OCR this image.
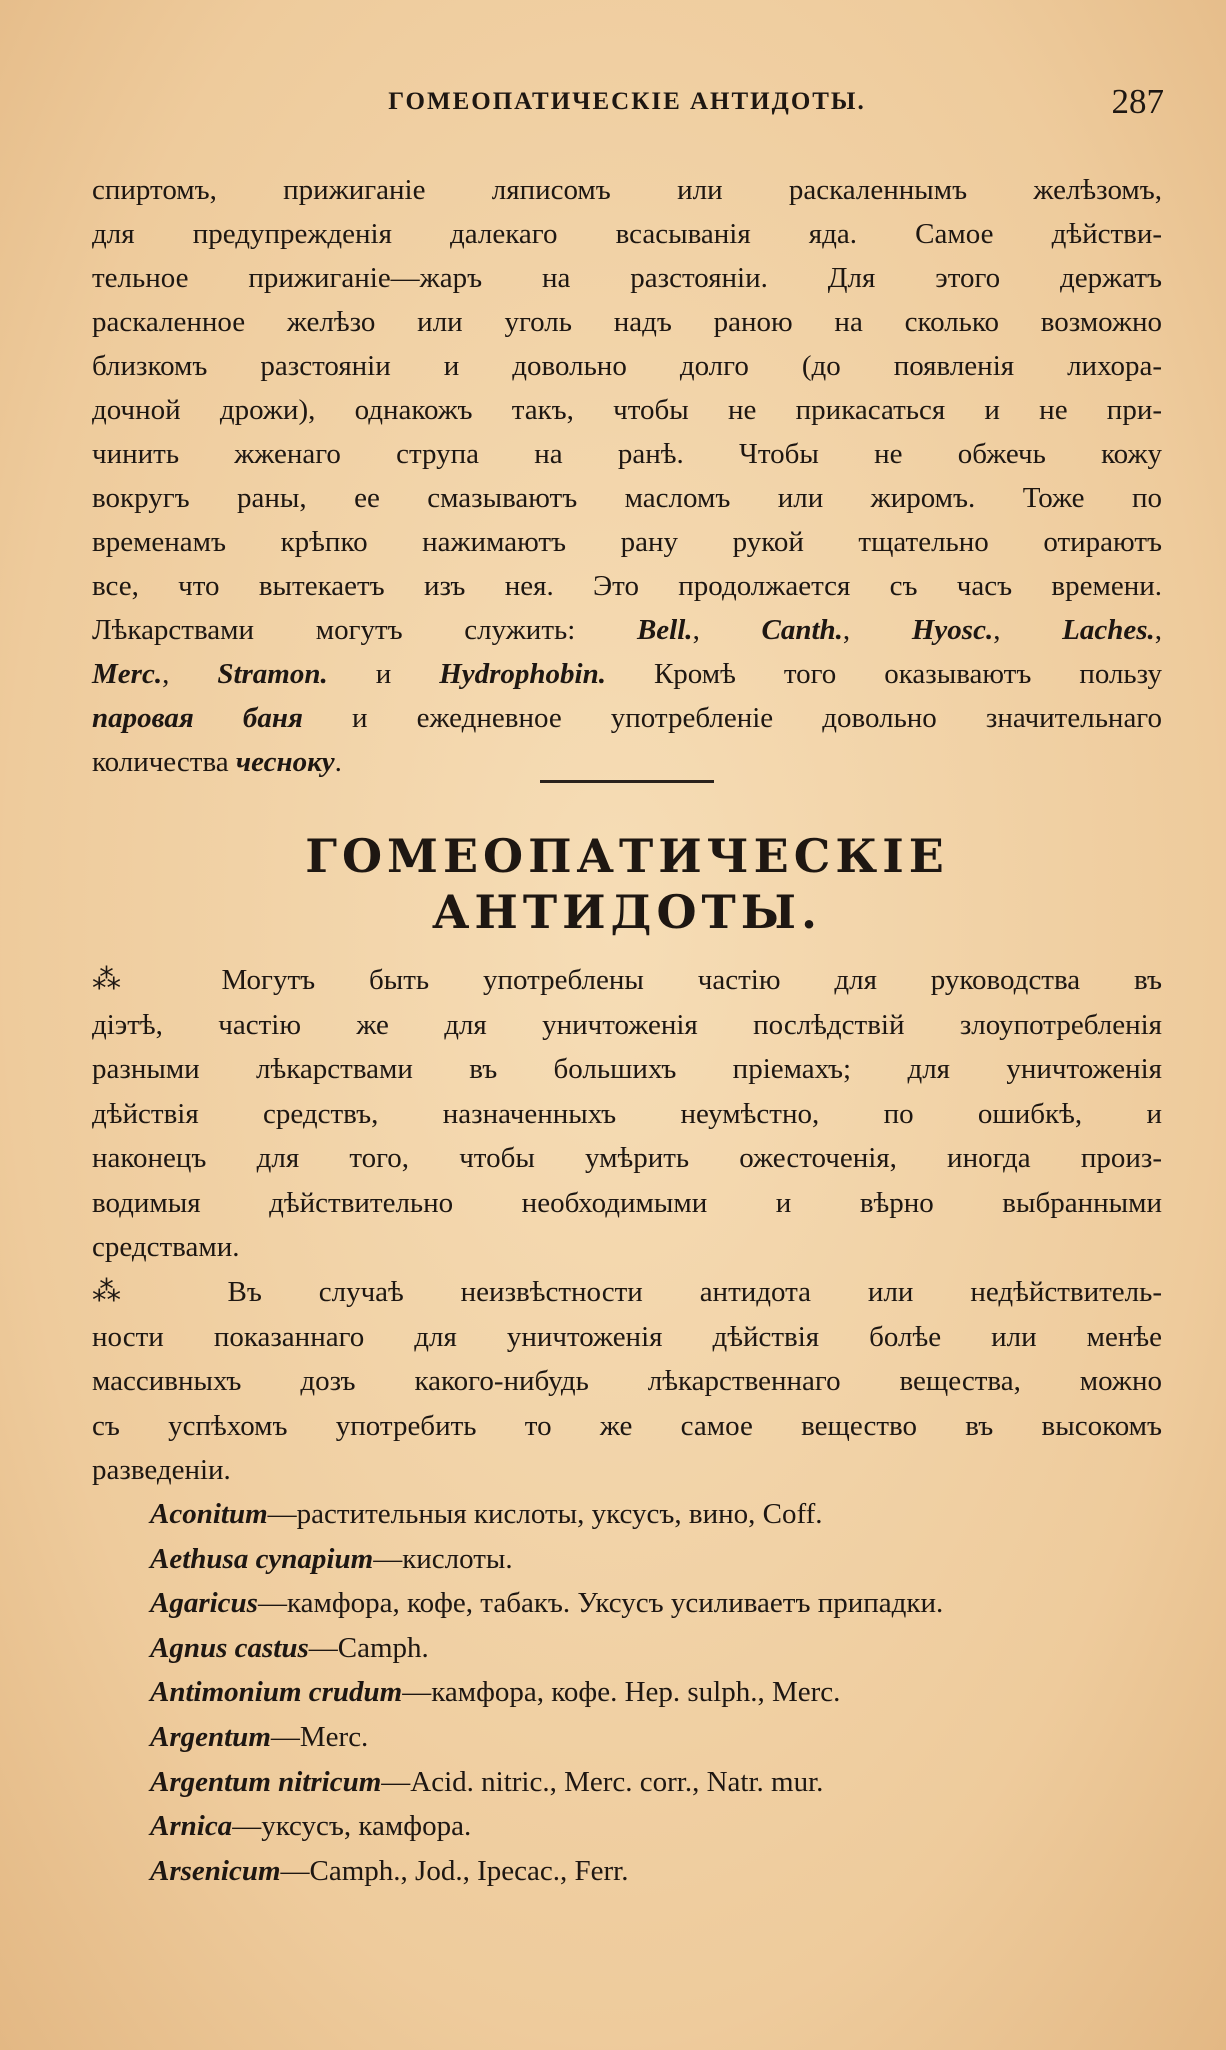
ГОМЕОПАТИЧЕСКІЕ АНТИДОТЫ.	287
спиртомъ, прижиганіе ляписомъ или раскаленнымъ желѣзомъ,
для предупрежденія далекаго всасыванія яда. Самое дѣйстви-
тельное прижиганіе—жаръ на разстояніи. Для этого держатъ
раскаленное желѣзо или уголь надъ раною на сколько возможно
близкомъ разстояніи и довольно долго (до появленія лихора-
дочной дрожи), однакожъ такъ, чтобы не прикасаться и не при-
чинить жженаго струпа на ранѣ. Чтобы не обжечь кожу
вокругъ раны, ее смазываютъ масломъ или жиромъ. Тоже по
временамъ крѣпко нажимаютъ рану рукой тщательно отираютъ
все, что вытекаетъ изъ нея. Это продолжается съ часъ времени.
Лѣкарствами могутъ служить: Bell., Canth., Hyosc., Laches.,
Merc., Stramon. и Hydrophobin. Кромѣ того оказываютъ пользу
паровая баня и ежедневное употребленіе довольно значительнаго
количества чесноку.
ГОМЕОПАТИЧЕСКІЕ
АНТИДОТЫ.
⁂ Могутъ быть употреблены частію для руководства въ
діэтѣ, частію же для уничтоженія послѣдствій злоупотребленія
разными лѣкарствами въ большихъ пріемахъ; для уничтоженія
дѣйствія средствъ, назначенныхъ неумѣстно, по ошибкѣ, и
наконецъ для того, чтобы умѣрить ожесточенія, иногда произ-
водимыя дѣйствительно необходимыми и вѣрно выбранными
средствами.
⁂ Въ случаѣ неизвѣстности антидота или недѣйствитель-
ности показаннаго для уничтоженія дѣйствія болѣе или менѣе
массивныхъ дозъ какого-нибудь лѣкарственнаго вещества, можно
съ успѣхомъ употребить то же самое вещество въ высокомъ
разведеніи.
Aconitum—растительныя кислоты, уксусъ, вино, Coff.
Aethusa cynapium—кислоты.
Agaricus—камфора, кофе, табакъ. Уксусъ усиливаетъ припадки.
Agnus castus—Camph.
Antimonium crudum—камфора, кофе. Hep. sulph., Merc.
Argentum—Merc.
Argentum nitricum—Acid. nitric., Merc. corr., Natr. mur.
Arnica—уксусъ, камфора.
Arsenicum—Camph., Jod., Ipecac., Ferr.
